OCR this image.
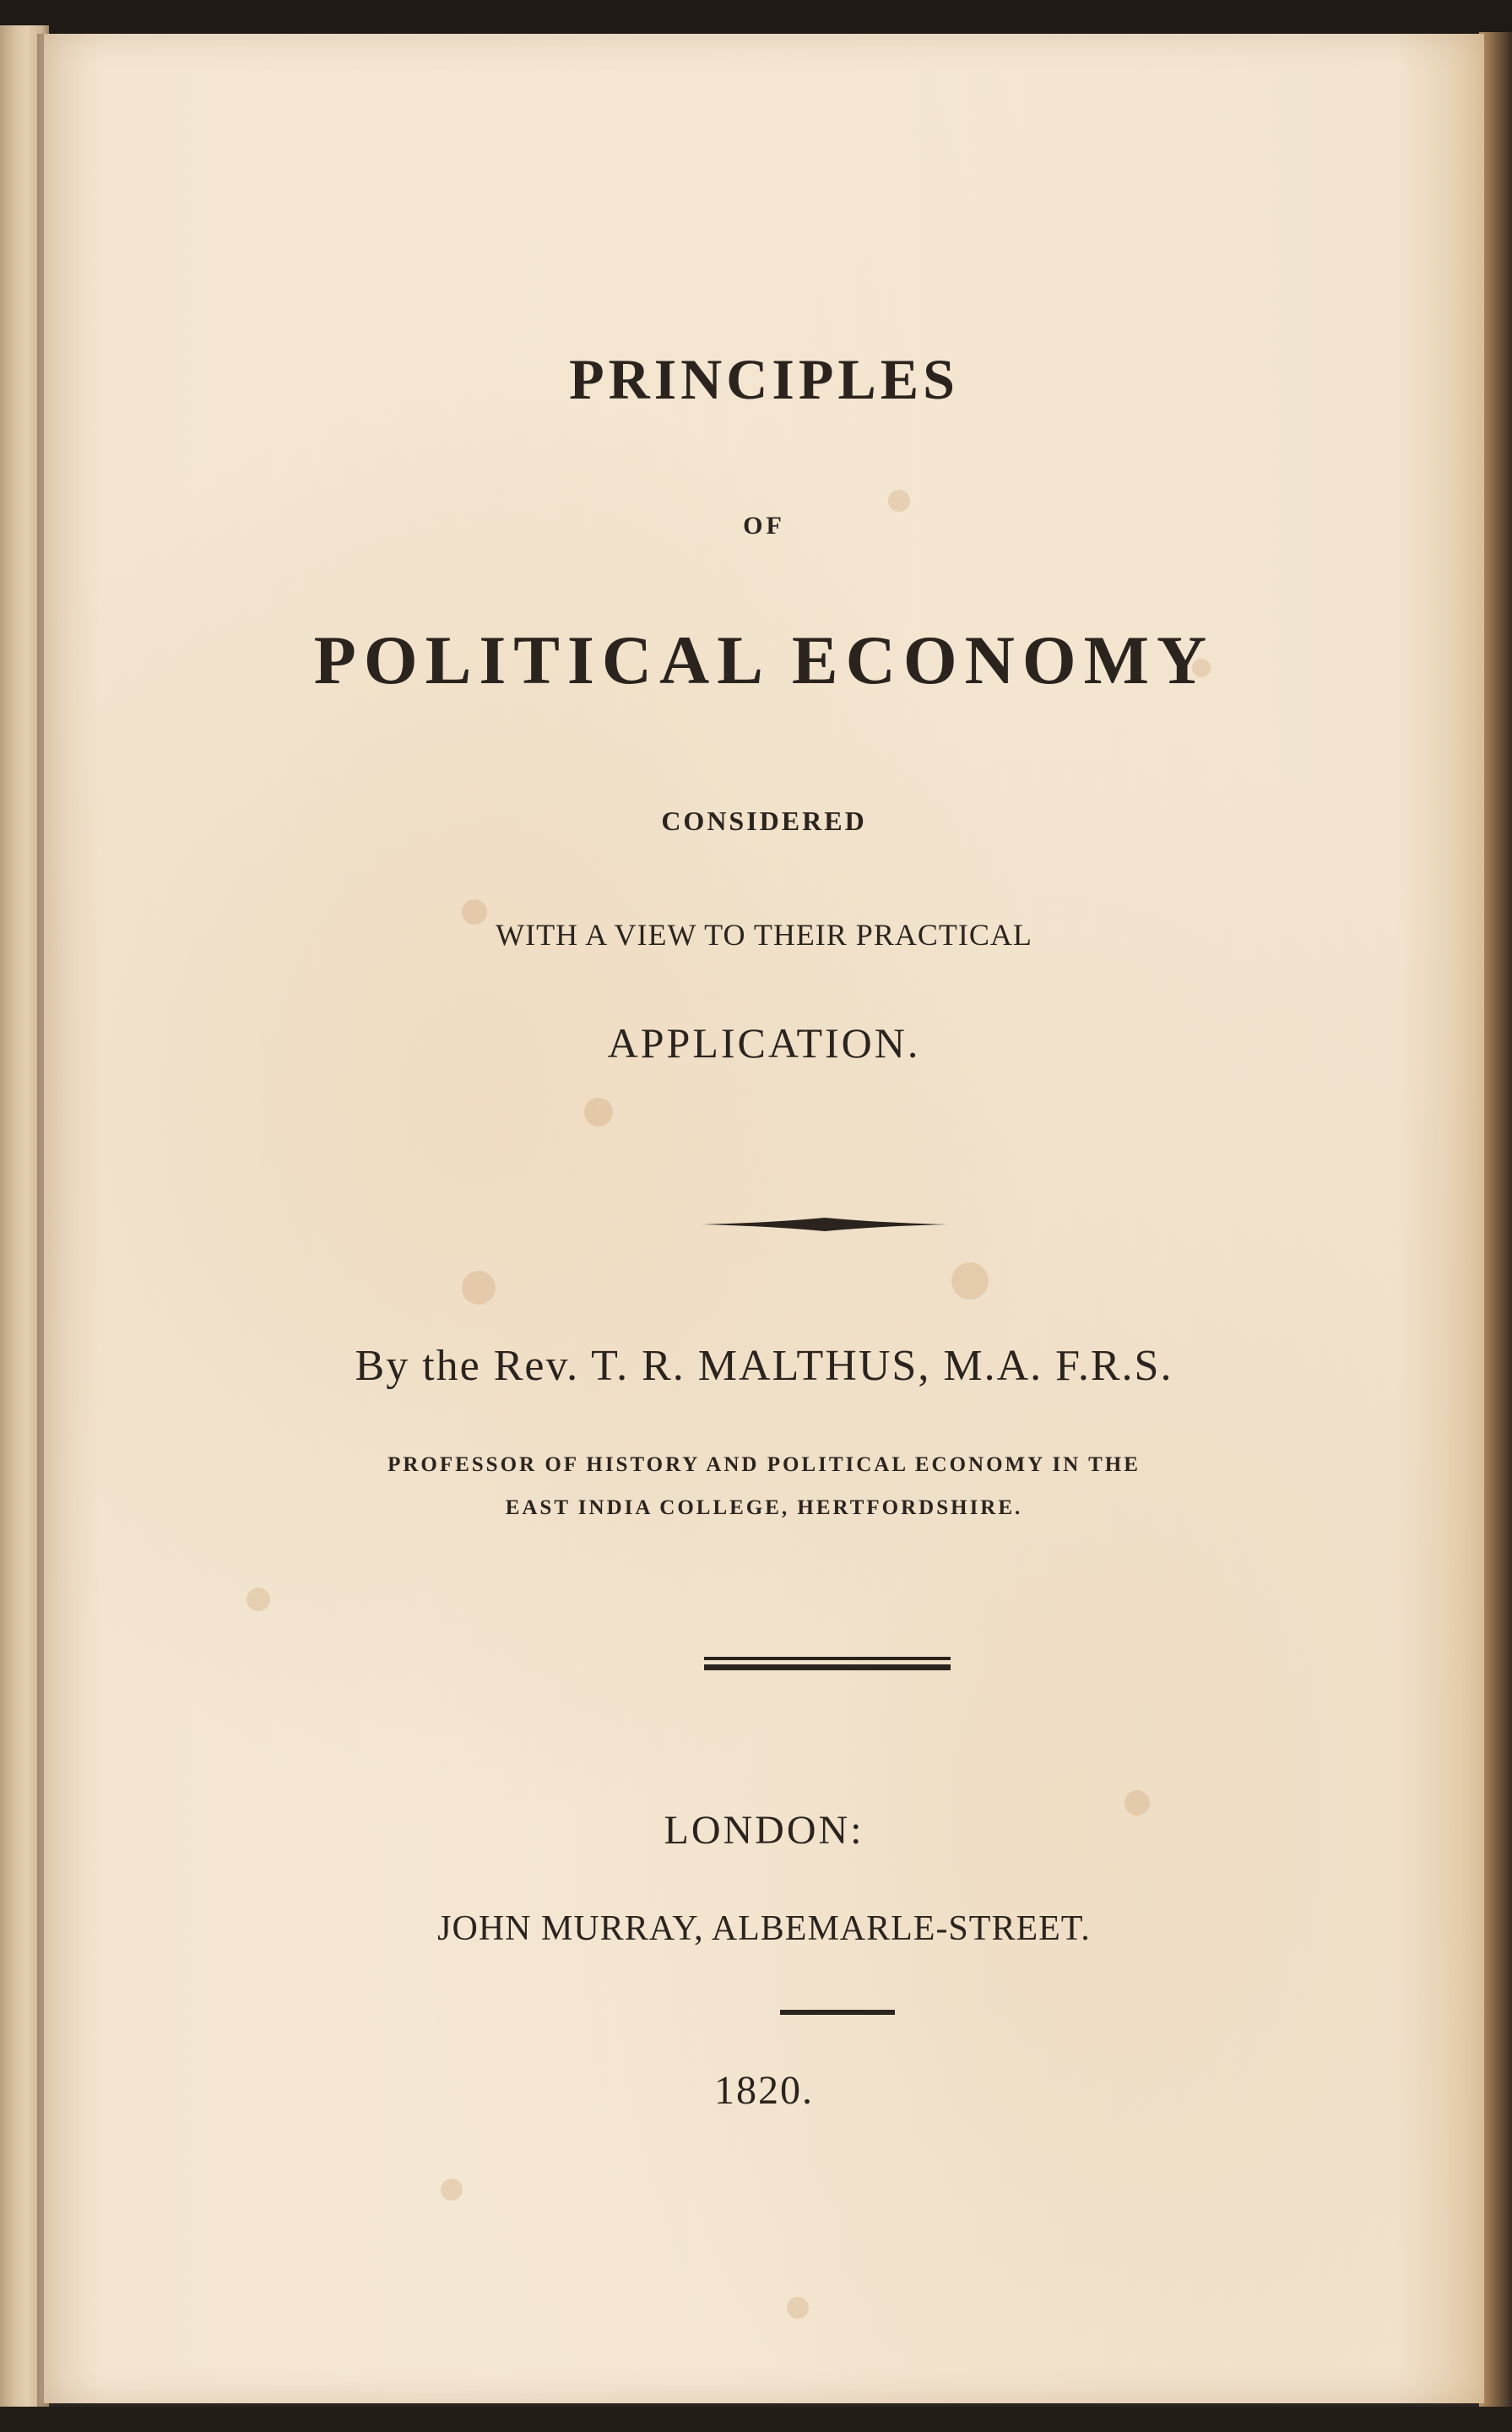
PRINCIPLES

OF

POLITICAL ECONOMY

CONSIDERED

WITH A VIEW TO THEIR PRACTICAL

APPLICATION.

By the Rev. T. R. MALTHUS, M.A. F.R.S.

PROFESSOR OF HISTORY AND POLITICAL ECONOMY IN THE

EAST INDIA COLLEGE, HERTFORDSHIRE.

LONDON:

JOHN MURRAY, ALBEMARLE-STREET.

1820.
